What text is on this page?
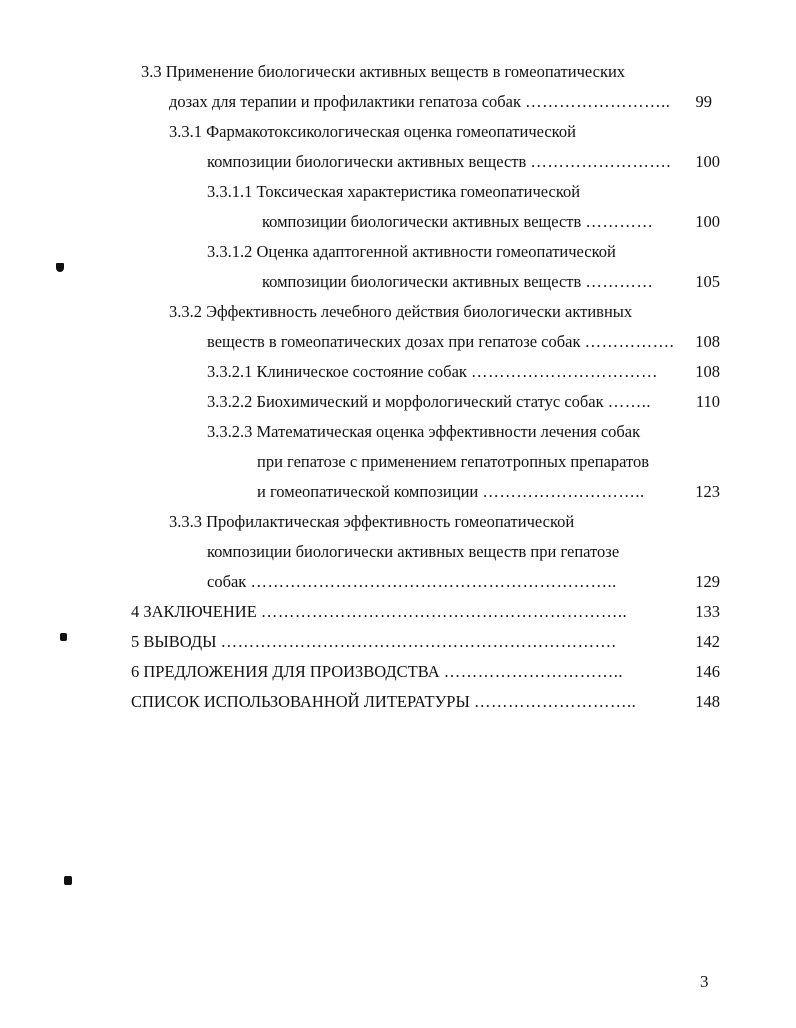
3.3 Применение биологически активных веществ в гомеопатических
дозах для терапии и профилактики гепатоза собак ……………………..	99
3.3.1 Фармакотоксикологическая оценка гомеопатической
композиции биологически активных веществ …………………….	100
3.3.1.1 Токсическая характеристика гомеопатической
композиции биологически активных веществ …………	100
3.3.1.2 Оценка адаптогенной активности гомеопатической
композиции биологически активных веществ …………	105
3.3.2 Эффективность лечебного действия биологически активных
веществ в гомеопатических дозах при гепатозе собак …………….	108
3.3.2.1 Клиническое состояние собак ……………………………	108
3.3.2.2 Биохимический и морфологический статус собак ……..	110
3.3.2.3 Математическая оценка эффективности лечения собак
при гепатозе с применением гепатотропных препаратов
и гомеопатической композиции ………………………..	123
3.3.3 Профилактическая эффективность гомеопатической
композиции биологически активных веществ при гепатозе
собак ………………………………………………………..	129
4 ЗАКЛЮЧЕНИЕ ………………………………………………………..	133
5 ВЫВОДЫ …………………………………………………………….	142
6 ПРЕДЛОЖЕНИЯ ДЛЯ ПРОИЗВОДСТВА …………………………..	146
СПИСОК ИСПОЛЬЗОВАННОЙ ЛИТЕРАТУРЫ ………………………..	148
3
